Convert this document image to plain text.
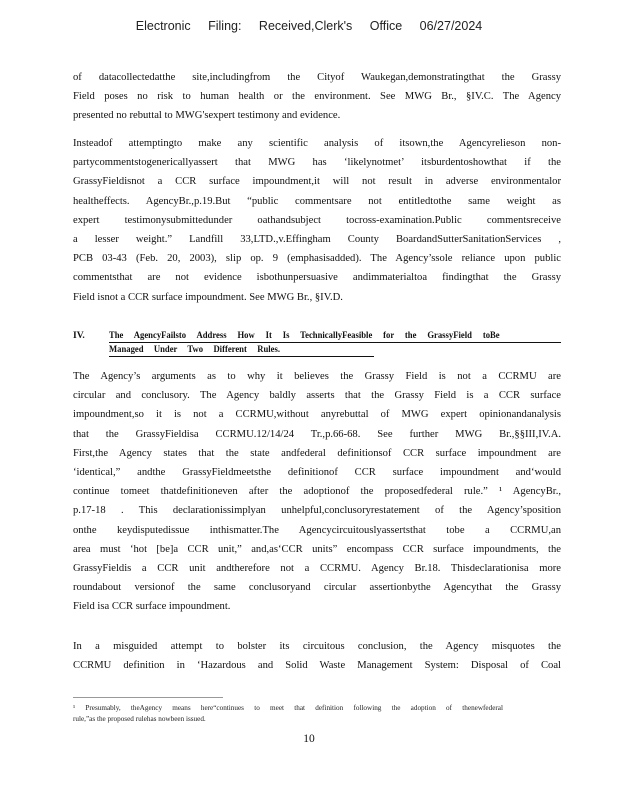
Electronic Filing: Received,Clerk's Office 06/27/2024
of datacollectedatthe site,includingfrom the Cityof Waukegan,demonstratingthat the Grassy
Field poses no risk to human health or the environment. See MWG Br., §IV.C. The Agency
presented no rebuttal to MWG'sexpert testimony and evidence.
Insteadof attemptingto make any scientific analysis of itsown,the Agencyrelieson non-
partycommentstogenericallyassert that MWG has ‘likelynotmet’ itsburdentoshowthat if the
GrassyFieldisnot a CCR surface impoundment,it will not result in adverse environmentalor
healtheffects. AgencyBr.,p.19.But “public commentsare not entitledtothe same weight as
expert testimonysubmittedunder oathandsubject tocross-examination.Public commentsreceive
a lesser weight.” Landfill 33,LTD.,v.Effingham County BoardandSutterSanitationServices ,
PCB 03-43 (Feb. 20, 2003), slip op. 9 (emphasisadded). The Agency’ssole reliance upon public
commentsthat are not evidence isbothunpersuasive andimmaterialtoa findingthat the Grassy
Field isnot a CCR surface impoundment. See MWG Br., §IV.D.
IV.	The AgencyFailsto Address How It Is TechnicallyFeasible for the GrassyField toBe
Managed Under Two Different Rules.
The Agency’s arguments as to why it believes the Grassy Field is not a CCRMU are
circular and conclusory. The Agency baldly asserts that the Grassy Field is a CCR surface
impoundment,so it is not a CCRMU,without anyrebuttal of MWG expert opinionandanalysis
that the GrassyFieldisa CCRMU.12/14/24 Tr.,p.66-68. See further MWG Br.,§§III,IV.A.
First,the Agency states that the state andfederal definitionsof CCR surface impoundment are
‘identical,” andthe GrassyFieldmeetsthe definitionof CCR surface impoundment and‘would
continue tomeet thatdefinitioneven after the adoptionof the proposedfederal rule.” ¹ AgencyBr.,
p.17-18 . This declarationissimplyan unhelpful,conclusoryrestatement of the Agency’sposition
onthe keydisputedissue inthismatter.The Agencycircuitouslyassertsthat tobe a CCRMU,an
area must ‘hot [be]a CCR unit,” and,as‘CCR units” encompass CCR surface impoundments, the
GrassyFieldis a CCR unit andtherefore not a CCRMU. Agency Br.18. Thisdeclarationisa more
roundabout versionof the same conclusoryand circular assertionbythe Agencythat the Grassy
Field isa CCR surface impoundment.
In a misguided attempt to bolster its circuitous conclusion, the Agency misquotes the
CCRMU definition in ‘Hazardous and Solid Waste Management System: Disposal of Coal
¹ Presumably, theAgency means here“continues to meet that definition following the adoption of thenewfederal
rule,”as the proposed rulehas nowbeen issued.
10
